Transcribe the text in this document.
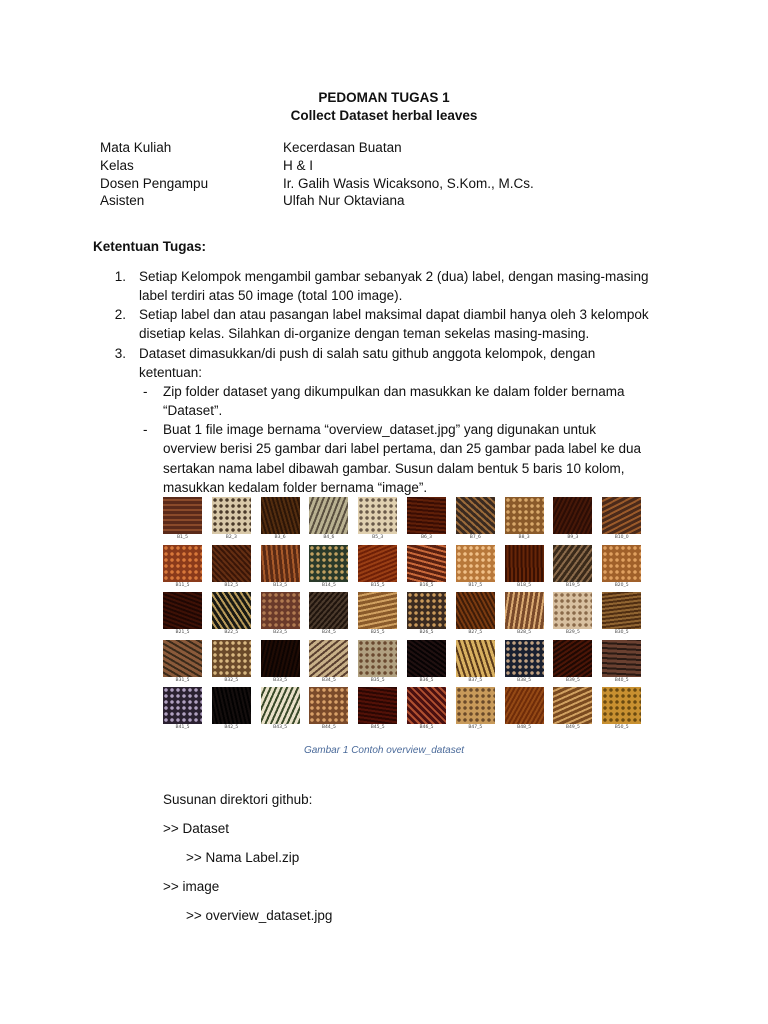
PEDOMAN TUGAS 1
Collect Dataset herbal leaves
Mata Kuliah	Kecerdasan Buatan
Kelas	H & I
Dosen Pengampu	Ir. Galih Wasis Wicaksono, S.Kom., M.Cs.
Asisten	Ulfah Nur Oktaviana
Ketentuan Tugas:
1. Setiap Kelompok mengambil gambar sebanyak 2 (dua) label, dengan masing-masing
label terdiri atas 50 image (total 100 image).
2. Setiap label dan atau pasangan label maksimal dapat diambil hanya oleh 3 kelompok
disetiap kelas. Silahkan di-organize dengan teman sekelas masing-masing.
3. Dataset dimasukkan/di push di salah satu github anggota kelompok, dengan
ketentuan:
- Zip folder dataset yang dikumpulkan dan masukkan ke dalam folder bernama
“Dataset”.
- Buat 1 file image bernama “overview_dataset.jpg” yang digunakan untuk
overview berisi 25 gambar dari label pertama, dan 25 gambar pada label ke dua
sertakan nama label dibawah gambar. Susun dalam bentuk 5 baris 10 kolom,
masukkan kedalam folder bernama “image”.
B1_5	B2_3	B3_6	B4_6	B5_3	B6_3	B7_6	B8_3	B9_3	B10_0
B11_5	B12_5	B13_5	B14_5	B15_5	B16_5	B17_5	B18_5	B19_5	B20_5
B21_5	B22_5	B23_5	B24_5	B25_5	B26_5	B27_5	B28_5	B29_5	B30_5
B31_5	B32_5	B33_5	B34_5	B35_5	B36_5	B37_5	B38_5	B39_5	B40_5
B41_5	B42_5	B43_5	B44_5	B45_5	B46_5	B47_5	B48_5	B49_5	B50_5
Gambar 1 Contoh overview_dataset
Susunan direktori github:
>> Dataset
>> Nama Label.zip
>> image
>> overview_dataset.jpg
